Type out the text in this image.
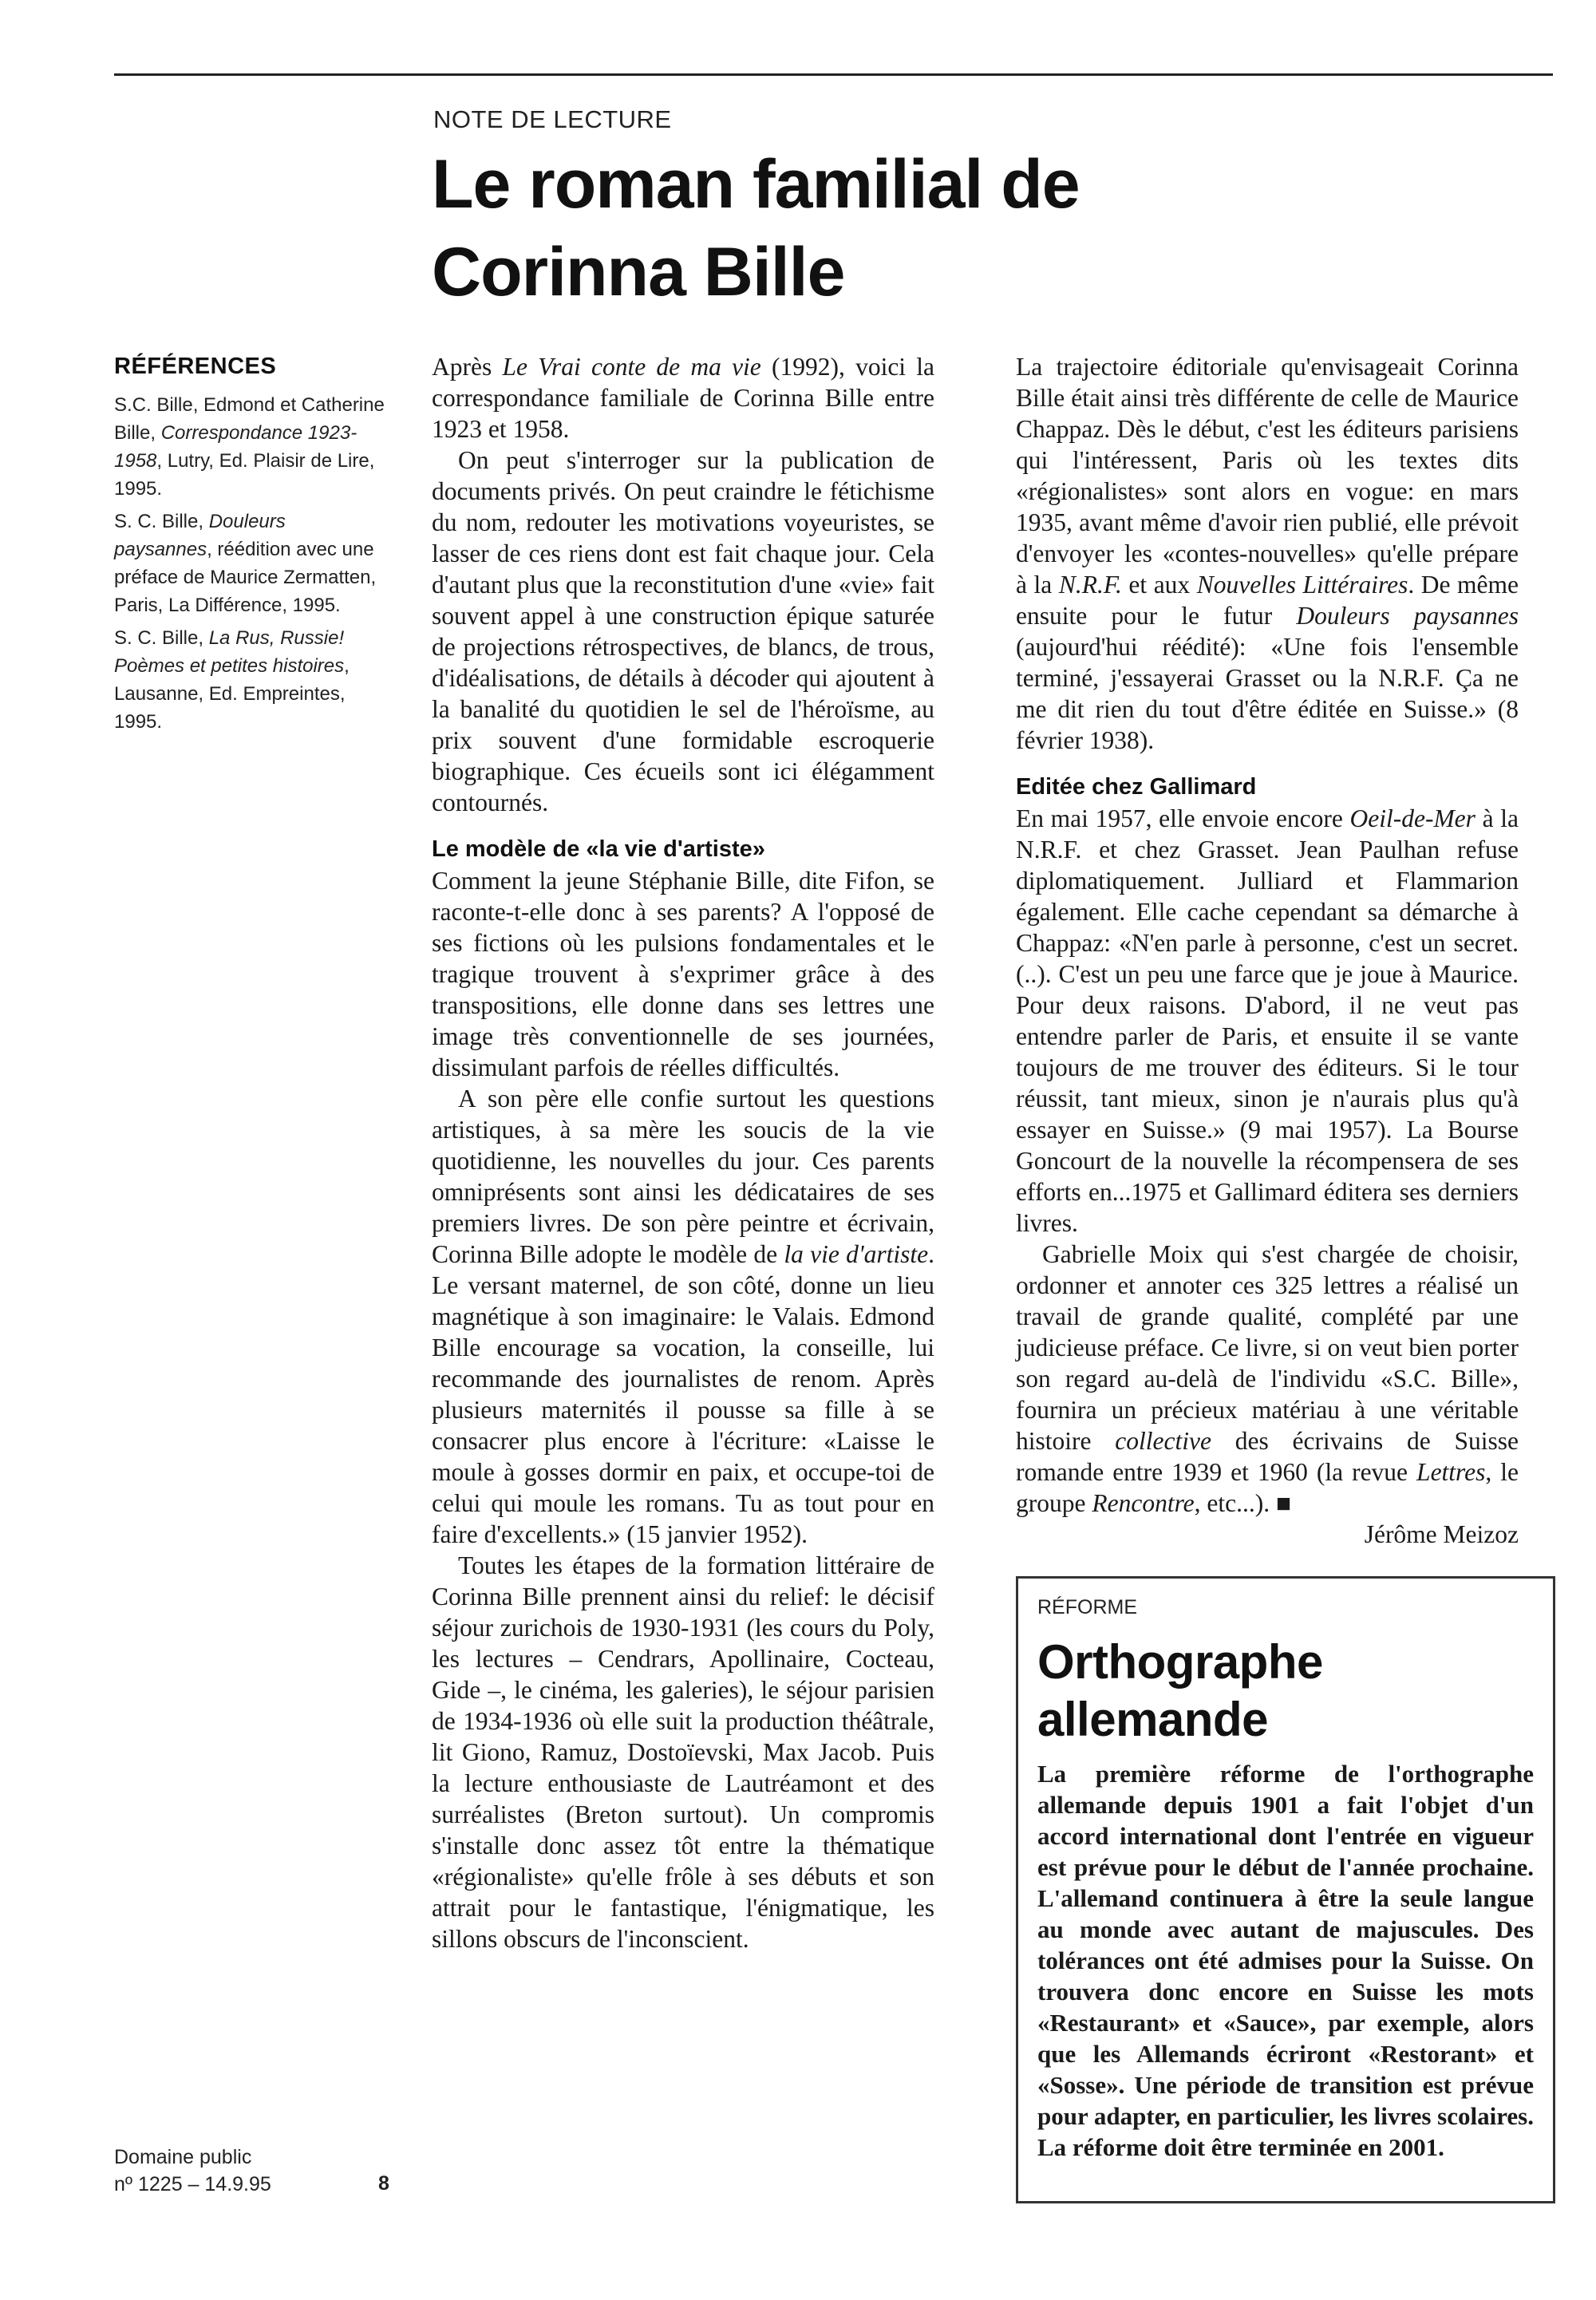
NOTE DE LECTURE
Le roman familial de
Corinna Bille
RÉFÉRENCES

S.C. Bille, Edmond et Catherine Bille, Correspondance 1923-1958, Lutry, Ed. Plaisir de Lire, 1995.

S. C. Bille, Douleurs paysannes, réédition avec une préface de Maurice Zermatten, Paris, La Différence, 1995.

S. C. Bille, La Rus, Russie! Poèmes et petites histoires, Lausanne, Ed. Empreintes, 1995.

Domaine public
nº 1225 – 14.9.95	8

Après Le Vrai conte de ma vie (1992), voici la correspondance familiale de Corinna Bille entre 1923 et 1958.

On peut s'interroger sur la publication de documents privés. On peut craindre le fétichisme du nom, redouter les motivations voyeuristes, se lasser de ces riens dont est fait chaque jour. Cela d'autant plus que la reconstitution d'une «vie» fait souvent appel à une construction épique saturée de projections rétrospectives, de blancs, de trous, d'idéalisations, de détails à décoder qui ajoutent à la banalité du quotidien le sel de l'héroïsme, au prix souvent d'une formidable escroquerie biographique. Ces écueils sont ici élégamment contournés.

Le modèle de «la vie d'artiste»

Comment la jeune Stéphanie Bille, dite Fifon, se raconte-t-elle donc à ses parents? A l'opposé de ses fictions où les pulsions fondamentales et le tragique trouvent à s'exprimer grâce à des transpositions, elle donne dans ses lettres une image très conventionnelle de ses journées, dissimulant parfois de réelles difficultés.

A son père elle confie surtout les questions artistiques, à sa mère les soucis de la vie quotidienne, les nouvelles du jour. Ces parents omniprésents sont ainsi les dédicataires de ses premiers livres. De son père peintre et écrivain, Corinna Bille adopte le modèle de la vie d'artiste. Le versant maternel, de son côté, donne un lieu magnétique à son imaginaire: le Valais. Edmond Bille encourage sa vocation, la conseille, lui recommande des journalistes de renom. Après plusieurs maternités il pousse sa fille à se consacrer plus encore à l'écriture: «Laisse le moule à gosses dormir en paix, et occupe-toi de celui qui moule les romans. Tu as tout pour en faire d'excellents.» (15 janvier 1952).

Toutes les étapes de la formation littéraire de Corinna Bille prennent ainsi du relief: le décisif séjour zurichois de 1930-1931 (les cours du Poly, les lectures – Cendrars, Apollinaire, Cocteau, Gide –, le cinéma, les galeries), le séjour parisien de 1934-1936 où elle suit la production théâtrale, lit Giono, Ramuz, Dostoïevski, Max Jacob. Puis la lecture enthousiaste de Lautréamont et des surréalistes (Breton surtout). Un compromis s'installe donc assez tôt entre la thématique «régionaliste» qu'elle frôle à ses débuts et son attrait pour le fantastique, l'énigmatique, les sillons obscurs de l'inconscient.

La trajectoire éditoriale qu'envisageait Corinna Bille était ainsi très différente de celle de Maurice Chappaz. Dès le début, c'est les éditeurs parisiens qui l'intéressent, Paris où les textes dits «régionalistes» sont alors en vogue: en mars 1935, avant même d'avoir rien publié, elle prévoit d'envoyer les «contes-nouvelles» qu'elle prépare à la N.R.F. et aux Nouvelles Littéraires. De même ensuite pour le futur Douleurs paysannes (aujourd'hui réédité): «Une fois l'ensemble terminé, j'essayerai Grasset ou la N.R.F. Ça ne me dit rien du tout d'être éditée en Suisse.» (8 février 1938).

Editée chez Gallimard

En mai 1957, elle envoie encore Oeil-de-Mer à la N.R.F. et chez Grasset. Jean Paulhan refuse diplomatiquement. Julliard et Flammarion également. Elle cache cependant sa démarche à Chappaz: «N'en parle à personne, c'est un secret. (..). C'est un peu une farce que je joue à Maurice. Pour deux raisons. D'abord, il ne veut pas entendre parler de Paris, et ensuite il se vante toujours de me trouver des éditeurs. Si le tour réussit, tant mieux, sinon je n'aurais plus qu'à essayer en Suisse.» (9 mai 1957). La Bourse Goncourt de la nouvelle la récompensera de ses efforts en...1975 et Gallimard éditera ses derniers livres.

Gabrielle Moix qui s'est chargée de choisir, ordonner et annoter ces 325 lettres a réalisé un travail de grande qualité, complété par une judicieuse préface. Ce livre, si on veut bien porter son regard au-delà de l'individu «S.C. Bille», fournira un précieux matériau à une véritable histoire collective des écrivains de Suisse romande entre 1939 et 1960 (la revue Lettres, le groupe Rencontre, etc...). ■

Jérôme Meizoz
RÉFORME
Orthographe
allemande

La première réforme de l'orthographe allemande depuis 1901 a fait l'objet d'un accord international dont l'entrée en vigueur est prévue pour le début de l'année prochaine. L'allemand continuera à être la seule langue au monde avec autant de majuscules. Des tolérances ont été admises pour la Suisse. On trouvera donc encore en Suisse les mots «Restaurant» et «Sauce», par exemple, alors que les Allemands écriront «Restorant» et «Sosse». Une période de transition est prévue pour adapter, en particulier, les livres scolaires. La réforme doit être terminée en 2001.
